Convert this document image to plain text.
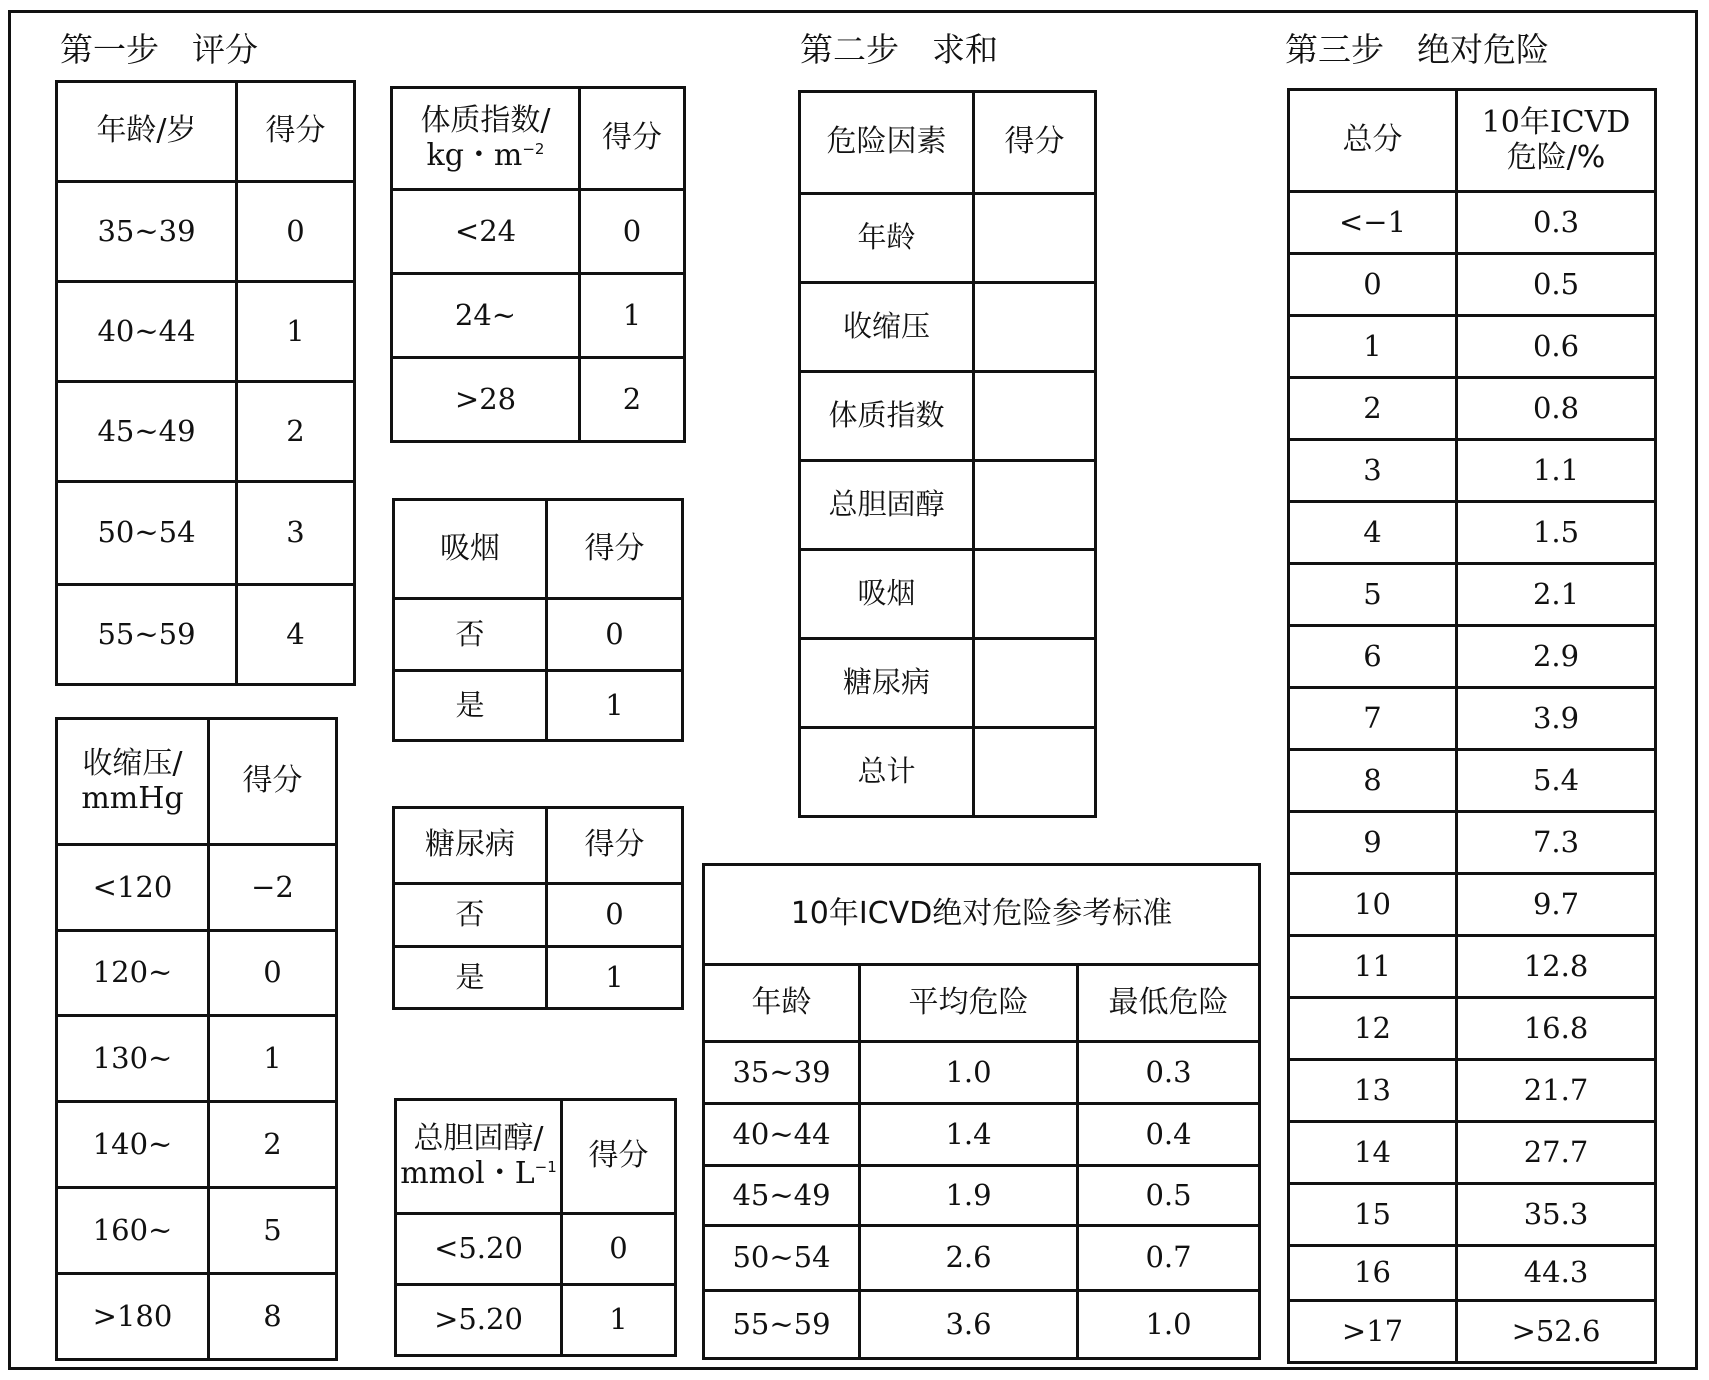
第一步　评分	第二步　求和	第三步　绝对危险
年龄/岁	得分
35~39	0
40~44	1
45~49	2
50~54	3
55~59	4
收缩压/
mmHg	得分
<120	−2
120~	0
130~	1
140~	2
160~	5
>180	8
体质指数/
kg・$m^{-2}$	得分
<24	0
24~	1
>28	2
吸烟	得分
否	0
是	1
糖尿病	得分
否	0
是	1
总胆固醇/
mmol・$L^{-1}$	得分
<5.20	0
>5.20	1
危险因素	得分
年龄	
收缩压	
体质指数	
总胆固醇	
吸烟	
糖尿病	
总计	
10年ICVD绝对危险参考标准		
年龄	平均危险	最低危险
35~39	1.0	0.3
40~44	1.4	0.4
45~49	1.9	0.5
50~54	2.6	0.7
55~59	3.6	1.0
总分	10年ICVD
危险/%
<−1	0.3
0	0.5
1	0.6
2	0.8
3	1.1
4	1.5
5	2.1
6	2.9
7	3.9
8	5.4
9	7.3
10	9.7
11	12.8
12	16.8
13	21.7
14	27.7
15	35.3
16	44.3
>17	>52.6
